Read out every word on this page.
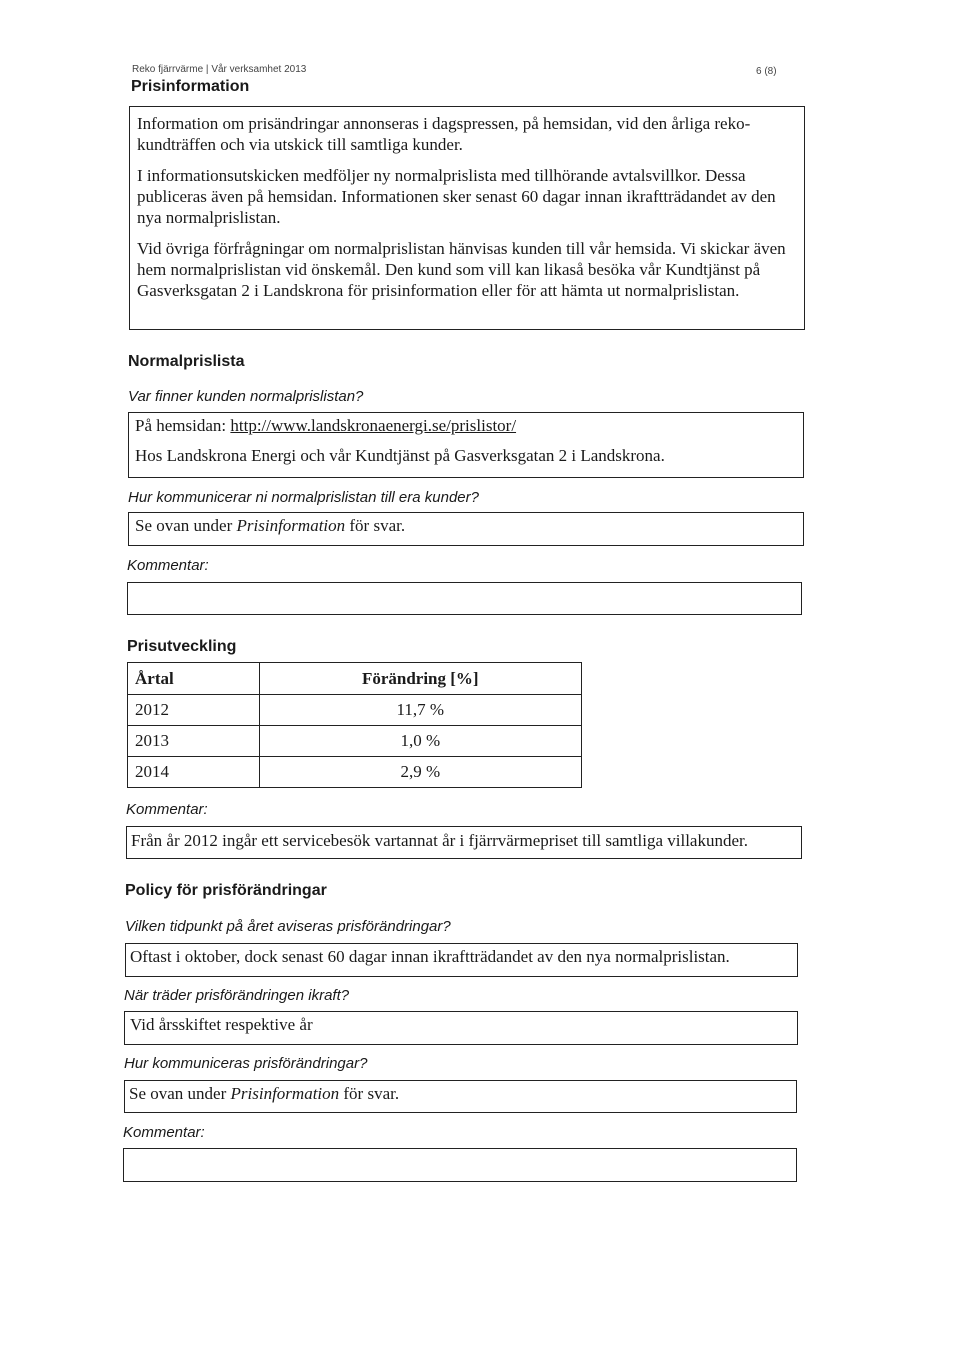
Reko fjärrvärme | Vår verksamhet 2013	6 (8)
Prisinformation

Information om prisändringar annonseras i dagspressen, på hemsidan, vid den årliga reko-kundträffen och via utskick till samtliga kunder.

I informationsutskicken medföljer ny normalprislista med tillhörande avtalsvillkor. Dessa publiceras även på hemsidan. Informationen sker senast 60 dagar innan ikraftträdandet av den nya normalprislistan.

Vid övriga förfrågningar om normalprislistan hänvisas kunden till vår hemsida. Vi skickar även hem normalprislistan vid önskemål. Den kund som vill kan likaså besöka vår Kundtjänst på Gasverksgatan 2 i Landskrona för prisinformation eller för att hämta ut normalprislistan.

Normalprislista
Var finner kunden normalprislistan?
På hemsidan: http://www.landskronaenergi.se/prislistor/
Hos Landskrona Energi och vår Kundtjänst på Gasverksgatan 2 i Landskrona.
Hur kommunicerar ni normalprislistan till era kunder?
Se ovan under Prisinformation för svar.
Kommentar:
Prisutveckling
Årtal	Förändring [%]
2012	11,7 %
2013	1,0 %
2014	2,9 %
Kommentar:
Från år 2012 ingår ett servicebesök vartannat år i fjärrvärmepriset till samtliga villakunder.
Policy för prisförändringar
Vilken tidpunkt på året aviseras prisförändringar?
Oftast i oktober, dock senast 60 dagar innan ikraftträdandet av den nya normalprislistan.
När träder prisförändringen ikraft?
Vid årsskiftet respektive år
Hur kommuniceras prisförändringar?
Se ovan under Prisinformation för svar.
Kommentar:
